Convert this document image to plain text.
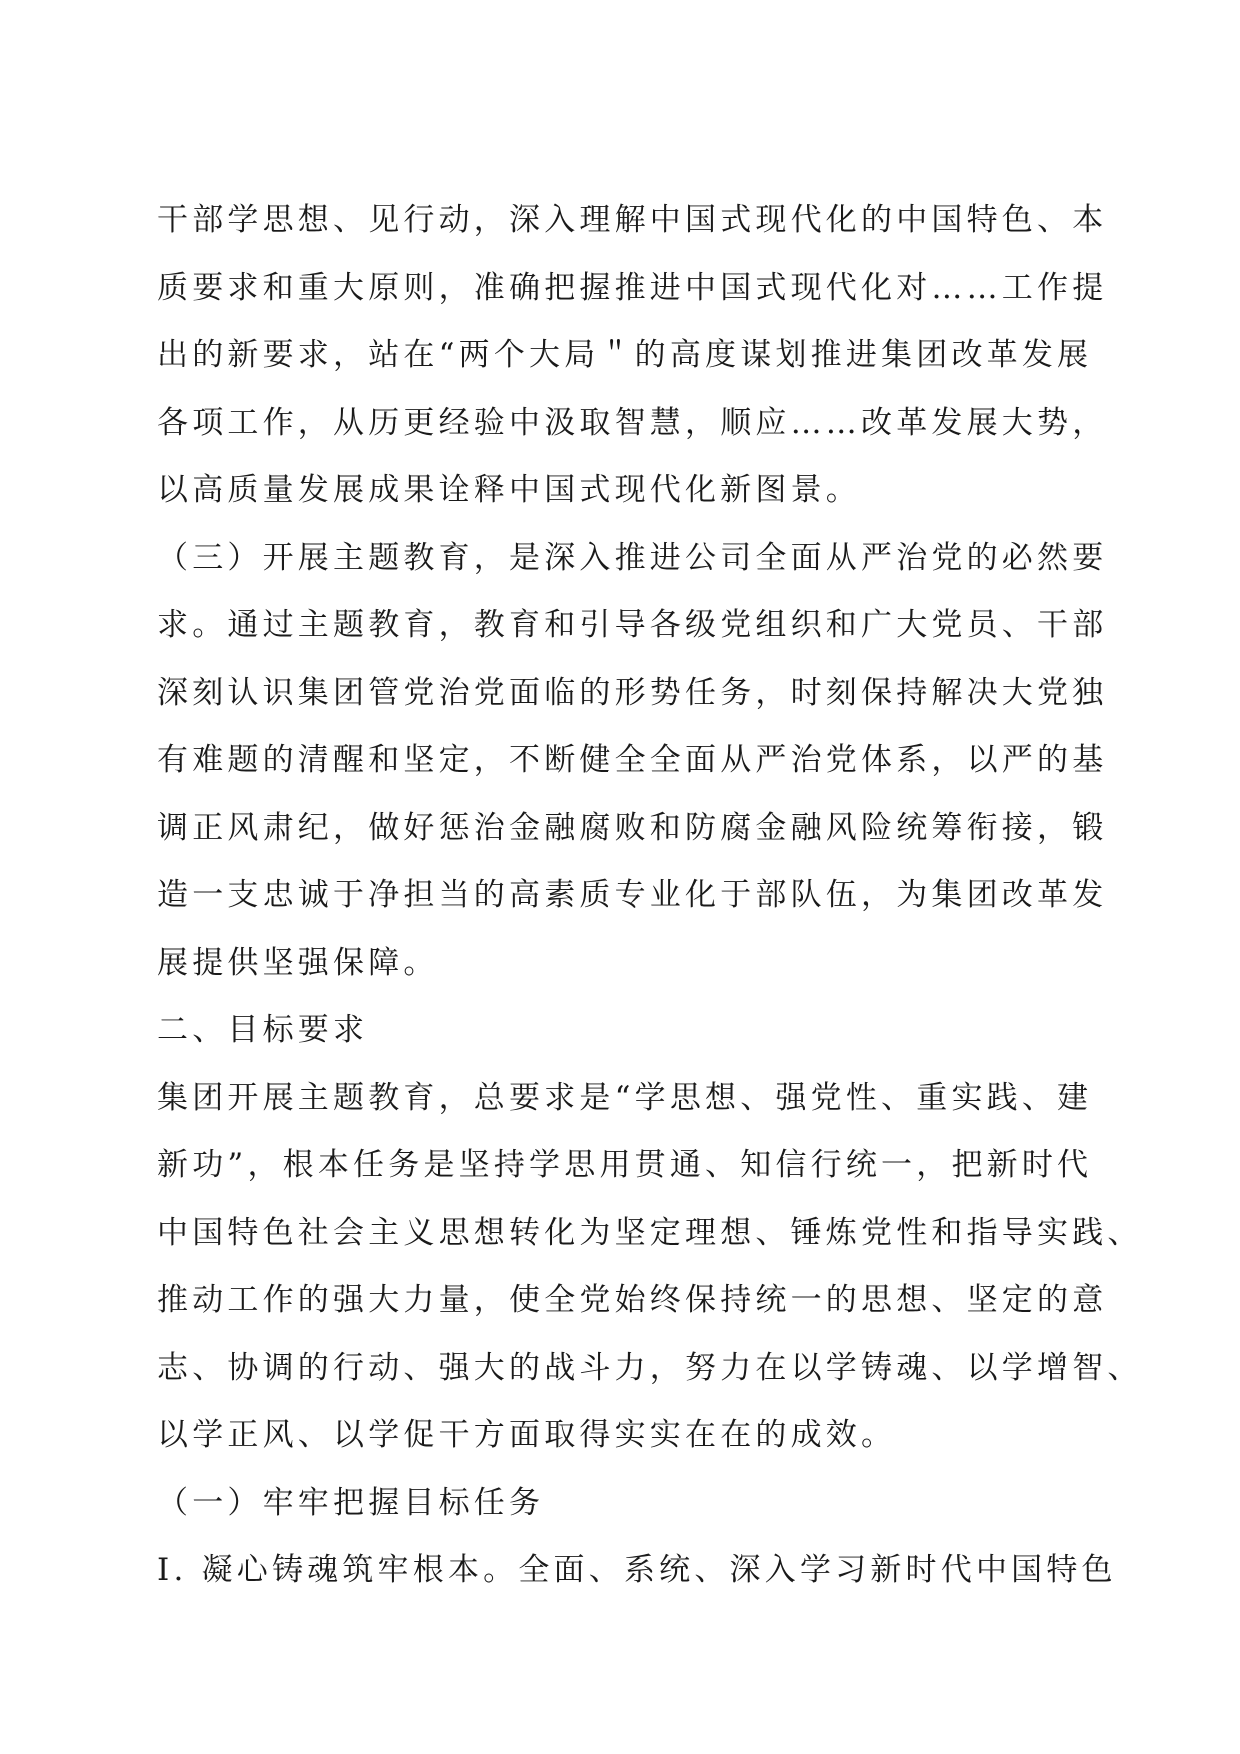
干部学思想、见行动，深入理解中国式现代化的中国特色、本
质要求和重大原则，准确把握推进中国式现代化对……工作提
出的新要求，站在“两个大局＂的高度谋划推进集团改革发展
各项工作，从历更经验中汲取智慧，顺应……改革发展大势，
以高质量发展成果诠释中国式现代化新图景。
（三）开展主题教育，是深入推进公司全面从严治党的必然要
求。通过主题教育，教育和引导各级党组织和广大党员、干部
深刻认识集团管党治党面临的形势任务，时刻保持解决大党独
有难题的清醒和坚定，不断健全全面从严治党体系，以严的基
调正风肃纪，做好惩治金融腐败和防腐金融风险统筹衔接，锻
造一支忠诚于净担当的高素质专业化于部队伍，为集团改革发
展提供坚强保障。
二、目标要求
集团开展主题教育，总要求是“学思想、强党性、重实践、建
新功”，根本任务是坚持学思用贯通、知信行统一，把新时代
中国特色社会主义思想转化为坚定理想、锤炼党性和指导实践、
推动工作的强大力量，使全党始终保持统一的思想、坚定的意
志、协调的行动、强大的战斗力，努力在以学铸魂、以学增智、
以学正风、以学促干方面取得实实在在的成效。
（一）牢牢把握目标任务
I. 凝心铸魂筑牢根本。全面、系统、深入学习新时代中国特色
